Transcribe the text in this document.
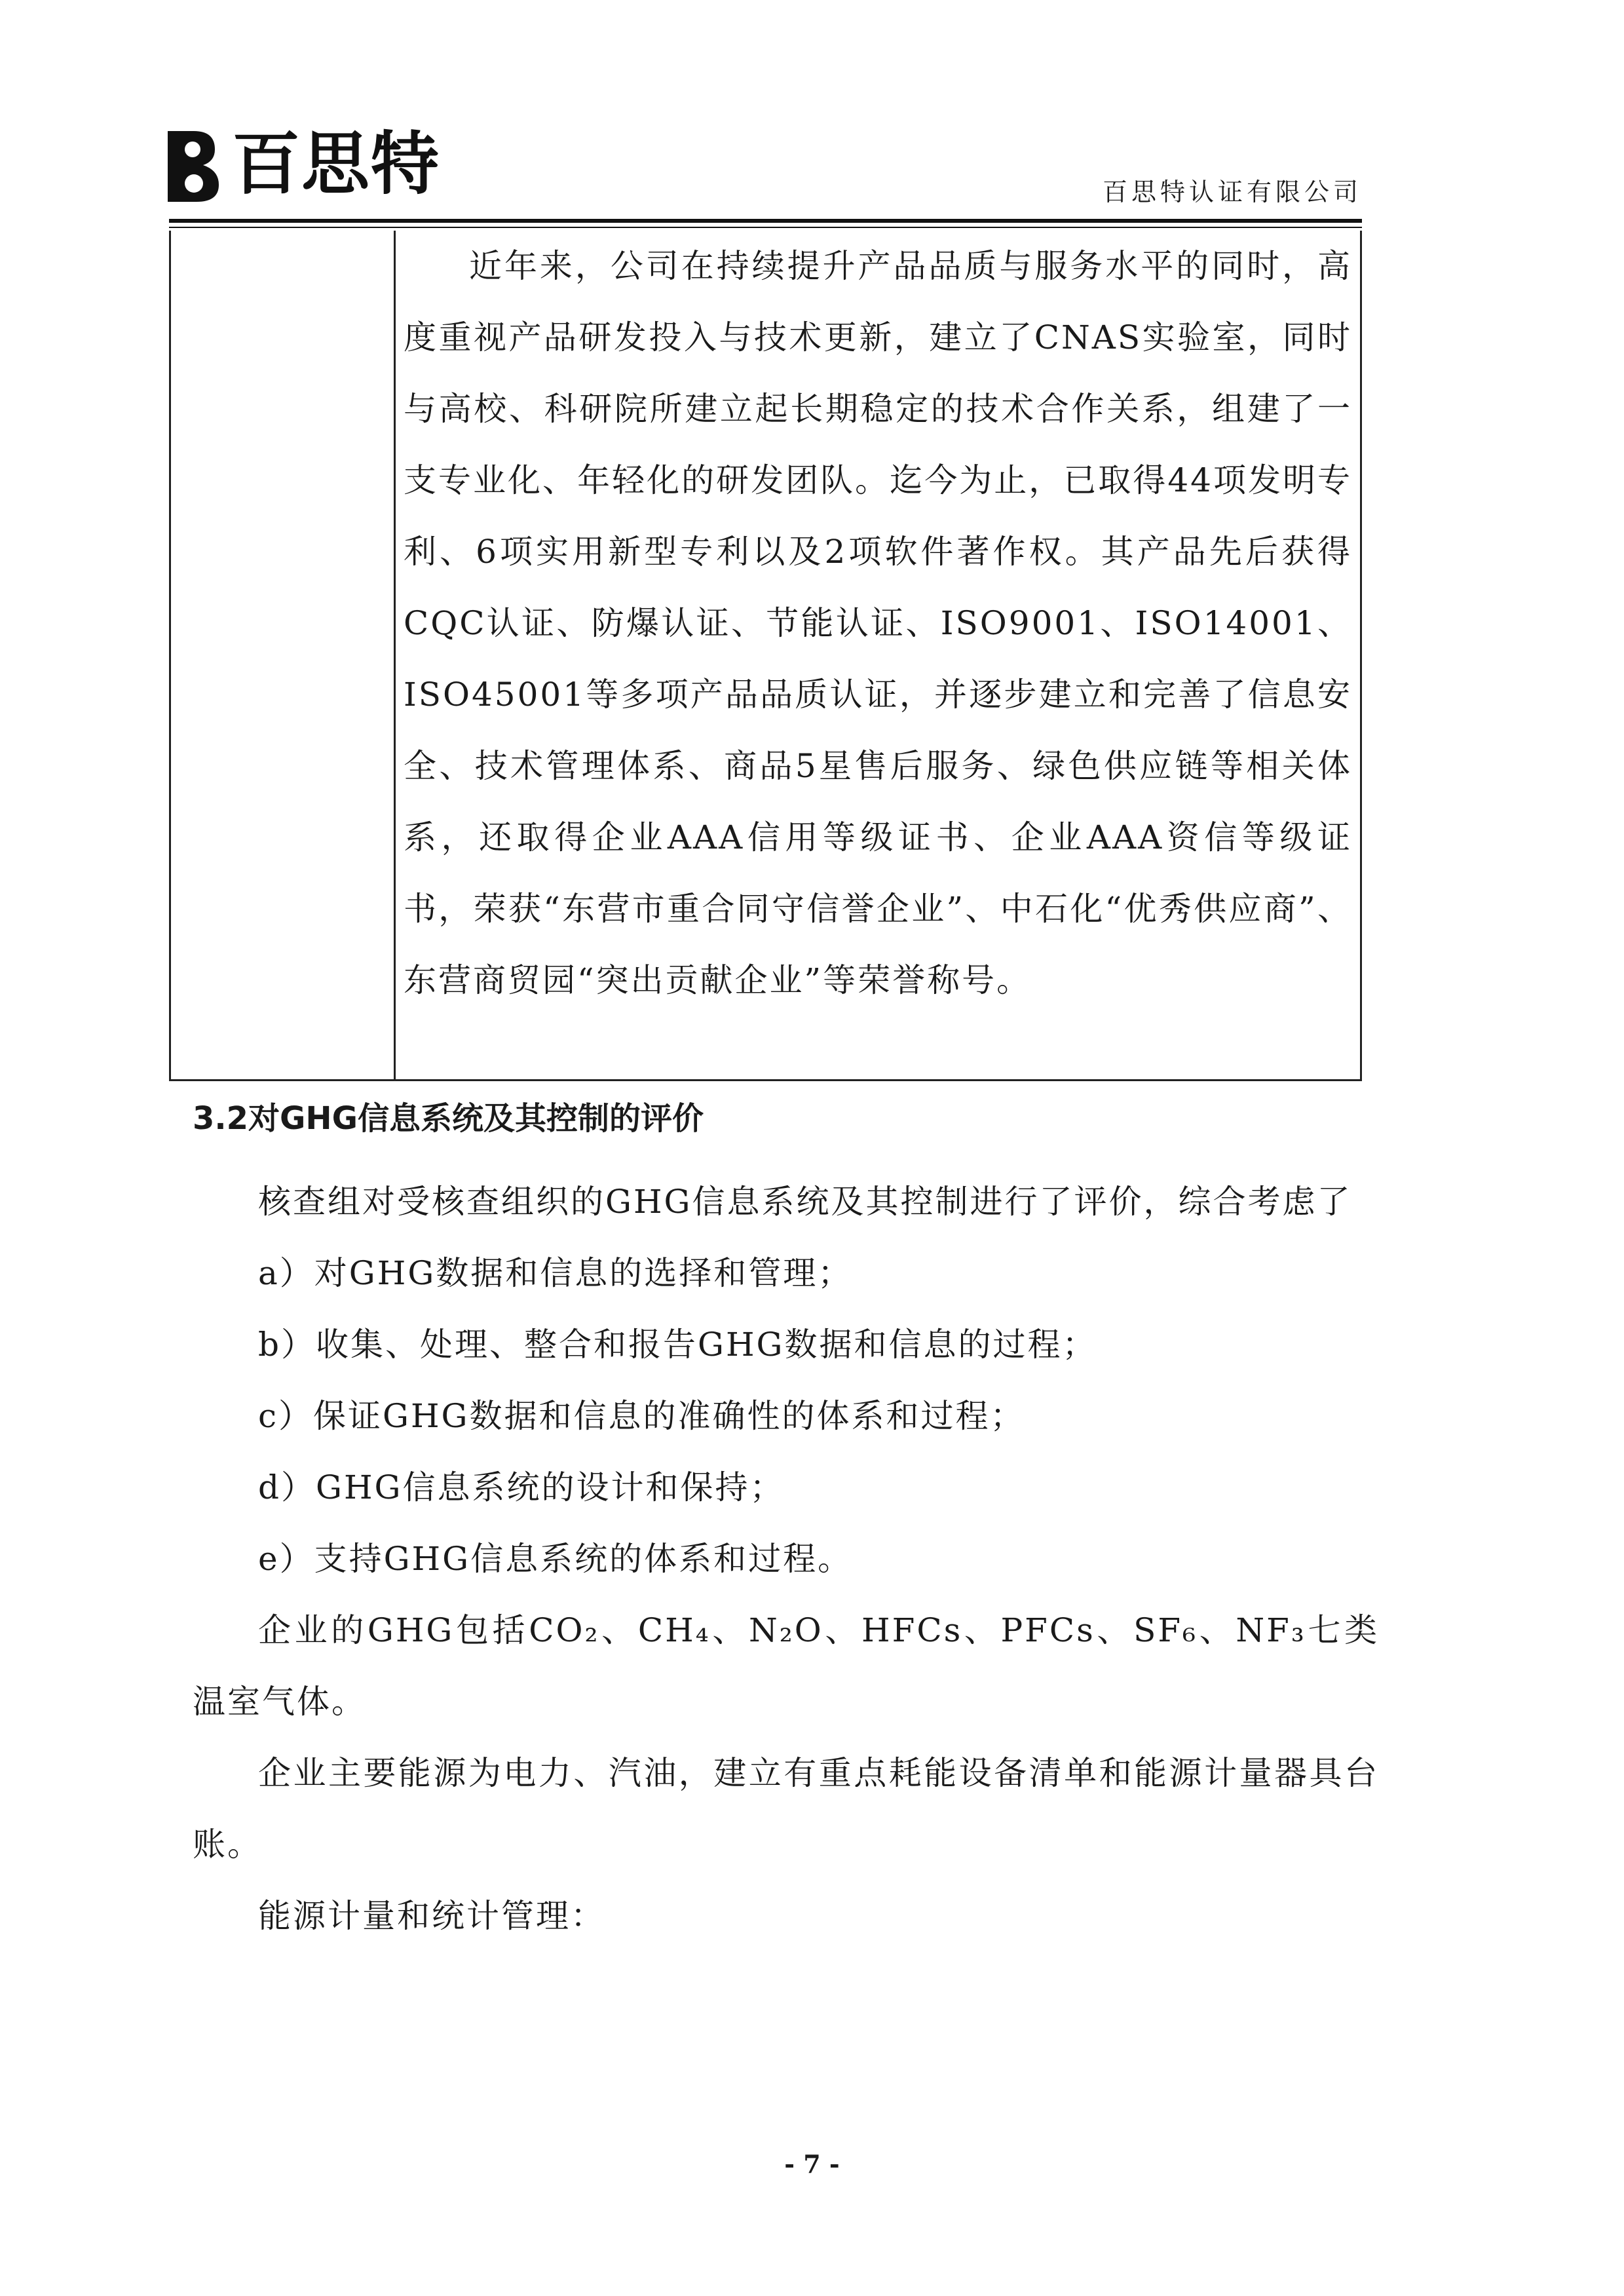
百思特	百思特认证有限公司

近年来，公司在持续提升产品品质与服务水平的同时，高度重视产品研发投入与技术更新，建立了CNAS实验室，同时与高校、科研院所建立起长期稳定的技术合作关系，组建了一支专业化、年轻化的研发团队。迄今为止，已取得44项发明专利、6项实用新型专利以及2项软件著作权。其产品先后获得CQC认证、防爆认证、节能认证、ISO9001、ISO14001、ISO45001等多项产品品质认证，并逐步建立和完善了信息安全、技术管理体系、商品5星售后服务、绿色供应链等相关体系，还取得企业AAA信用等级证书、企业AAA资信等级证书，荣获“东营市重合同守信誉企业”、中石化“优秀供应商”、东营商贸园“突出贡献企业”等荣誉称号。

3.2对GHG信息系统及其控制的评价

核查组对受核查组织的GHG信息系统及其控制进行了评价，综合考虑了

a）对GHG数据和信息的选择和管理；

b）收集、处理、整合和报告GHG数据和信息的过程；

c）保证GHG数据和信息的准确性的体系和过程；

d）GHG信息系统的设计和保持；

e）支持GHG信息系统的体系和过程。

企业的GHG包括CO₂、CH₄、N₂O、HFCs、PFCs、SF₆、NF₃七类温室气体。

企业主要能源为电力、汽油，建立有重点耗能设备清单和能源计量器具台账。

能源计量和统计管理：

- 7 -
